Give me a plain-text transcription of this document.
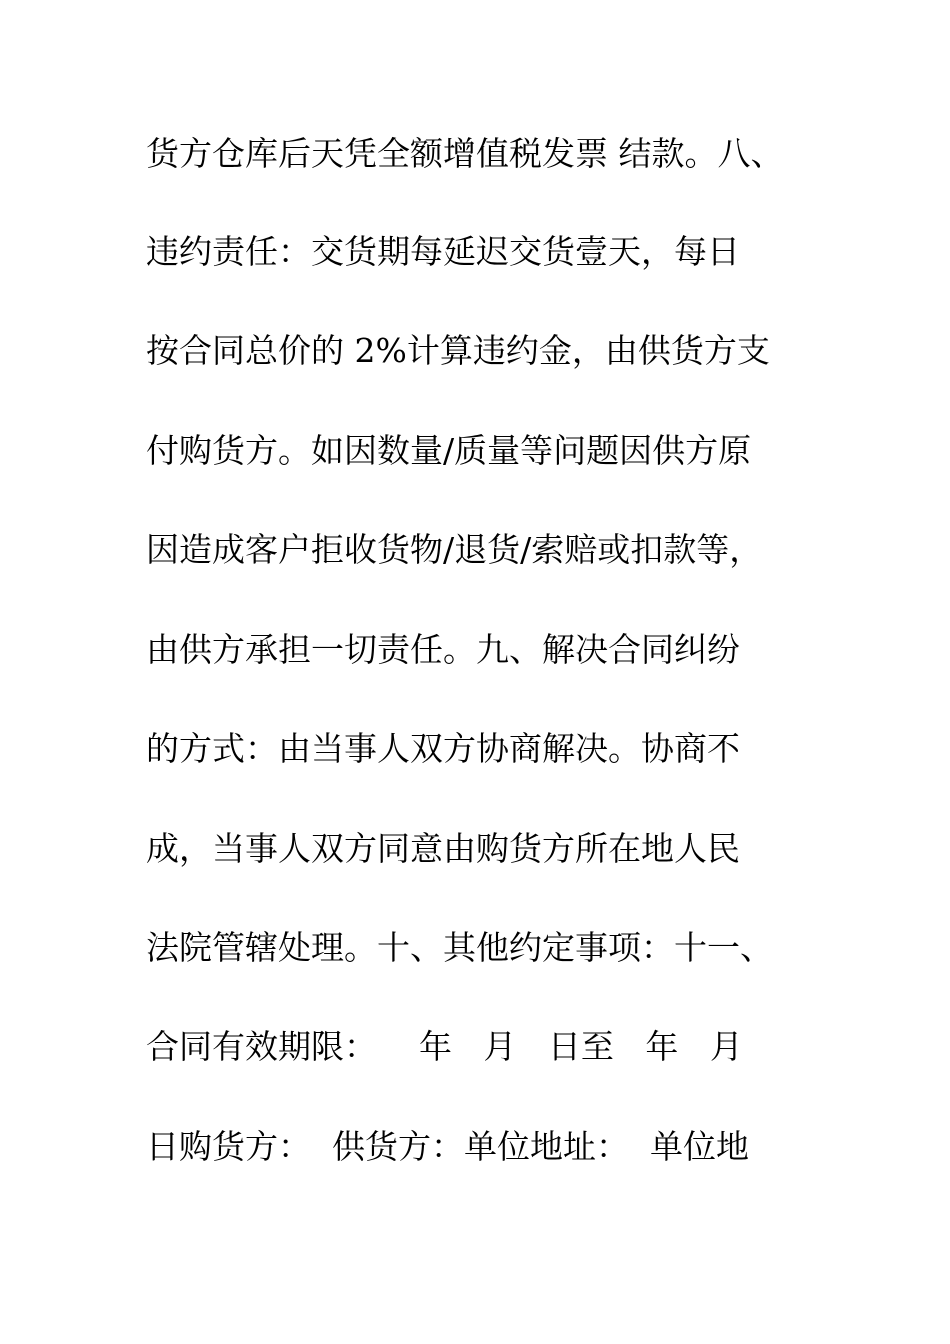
货方仓库后天凭全额增值税发票 结款。八、

违约责任：交货期每延迟交货壹天，每日

按合同总价的 2%计算违约金，由供货方支

付购货方。如因数量/质量等问题因供方原

因造成客户拒收货物/退货/索赔或扣款等，

由供方承担一切责任。九、解决合同纠纷

的方式：由当事人双方协商解决。协商不

成，当事人双方同意由购货方所在地人民

法院管辖处理。十、其他约定事项：十一、

合同有效期限：    年   月   日至   年   月

日购货方：  供货方：单位地址：  单位地
